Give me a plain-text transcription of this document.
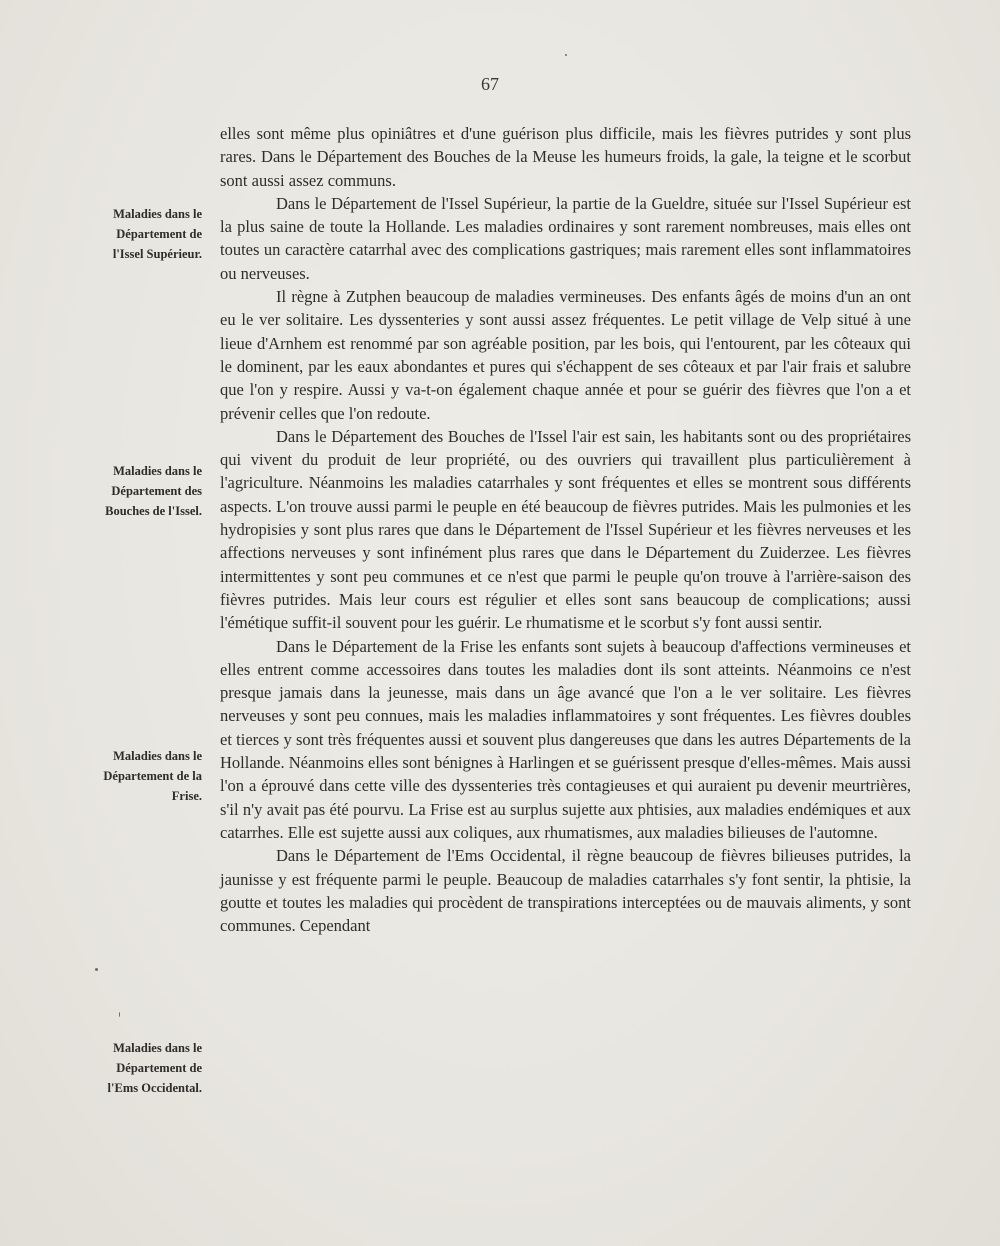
67
Maladies dans le
Département de
l'Issel Supérieur.
Maladies dans le
Département des
Bouches de l'Issel.
Maladies dans le
Département de la
Frise.
Maladies dans le
Département de
l'Ems Occidental.

elles sont même plus opiniâtres et d'une guérison plus difficile, mais les fièvres putrides y sont plus rares. Dans le Département des Bouches de la Meuse les humeurs froids, la gale, la teigne et le scorbut sont aussi assez communs.

Dans le Département de l'Issel Supérieur, la partie de la Gueldre, située sur l'Issel Supérieur est la plus saine de toute la Hollande. Les maladies ordinaires y sont rarement nombreuses, mais elles ont toutes un caractère catarrhal avec des complications gastriques; mais rarement elles sont inflammatoires ou nerveuses.

Il règne à Zutphen beaucoup de maladies vermineuses. Des enfants âgés de moins d'un an ont eu le ver solitaire. Les dyssenteries y sont aussi assez fréquentes. Le petit village de Velp situé à une lieue d'Arnhem est renommé par son agréable position, par les bois, qui l'entourent, par les côteaux qui le dominent, par les eaux abondantes et pures qui s'échappent de ses côteaux et par l'air frais et salubre que l'on y respire. Aussi y va-t-on également chaque année et pour se guérir des fièvres que l'on a et prévenir celles que l'on redoute.

Dans le Département des Bouches de l'Issel l'air est sain, les habitants sont ou des propriétaires qui vivent du produit de leur propriété, ou des ouvriers qui travaillent plus particulièrement à l'agriculture. Néanmoins les maladies catarrhales y sont fréquentes et elles se montrent sous différents aspects. L'on trouve aussi parmi le peuple en été beaucoup de fièvres putrides. Mais les pulmonies et les hydropisies y sont plus rares que dans le Département de l'Issel Supérieur et les fièvres nerveuses et les affections nerveuses y sont infinément plus rares que dans le Département du Zuiderzee. Les fièvres intermittentes y sont peu communes et ce n'est que parmi le peuple qu'on trouve à l'arrière-saison des fièvres putrides. Mais leur cours est régulier et elles sont sans beaucoup de complications; aussi l'émétique suffit-il souvent pour les guérir. Le rhumatisme et le scorbut s'y font aussi sentir.

Dans le Département de la Frise les enfants sont sujets à beaucoup d'affections vermineuses et elles entrent comme accessoires dans toutes les maladies dont ils sont atteints. Néanmoins ce n'est presque jamais dans la jeunesse, mais dans un âge avancé que l'on a le ver solitaire. Les fièvres nerveuses y sont peu connues, mais les maladies inflammatoires y sont fréquentes. Les fièvres doubles et tierces y sont très fréquentes aussi et souvent plus dangereuses que dans les autres Départements de la Hollande. Néanmoins elles sont bénignes à Harlingen et se guérissent presque d'elles-mêmes. Mais aussi l'on a éprouvé dans cette ville des dyssenteries très contagieuses et qui auraient pu devenir meurtrières, s'il n'y avait pas été pourvu. La Frise est au surplus sujette aux phtisies, aux maladies endémiques et aux catarrhes. Elle est sujette aussi aux coliques, aux rhumatismes, aux maladies bilieuses de l'automne.

Dans le Département de l'Ems Occidental, il règne beaucoup de fièvres bilieuses putrides, la jaunisse y est fréquente parmi le peuple. Beaucoup de maladies catarrhales s'y font sentir, la phtisie, la goutte et toutes les maladies qui procèdent de transpirations interceptées ou de mauvais aliments, y sont communes. Cependant
